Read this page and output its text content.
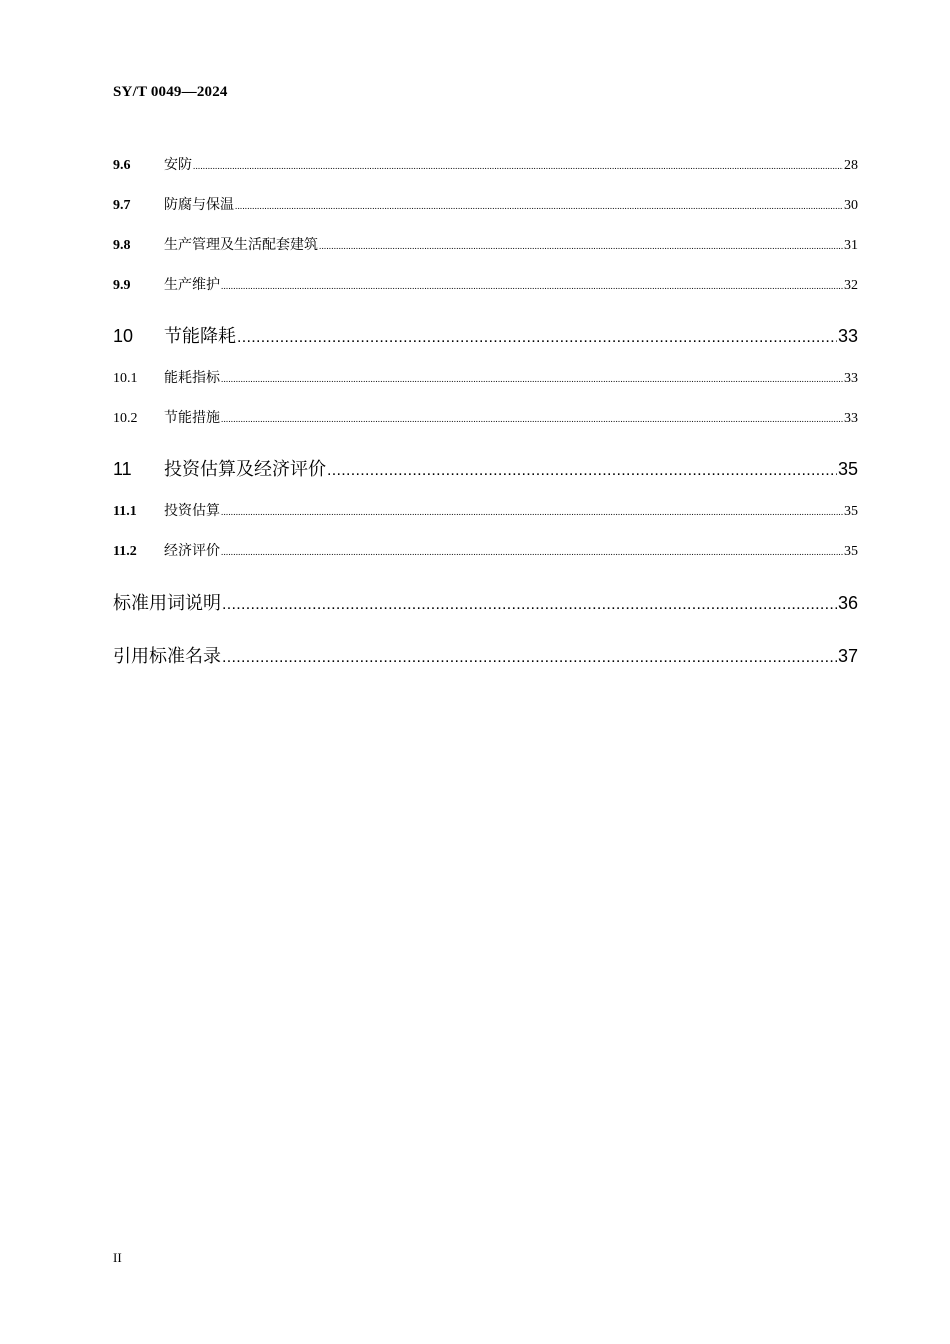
SY/T 0049—2024
9.6	安防 .....	28
9.7	防腐与保温 .....	30
9.8	生产管理及生活配套建筑 .....	31
9.9	生产维护 .....	32
10	节能降耗 .....	33
10.1	能耗指标 .....	33
10.2	节能措施 .....	33
11	投资估算及经济评价 .....	35
11.1	投资估算 .....	35
11.2	经济评价 .....	35
标准用词说明 .....	36
引用标准名录 .....	37
II
